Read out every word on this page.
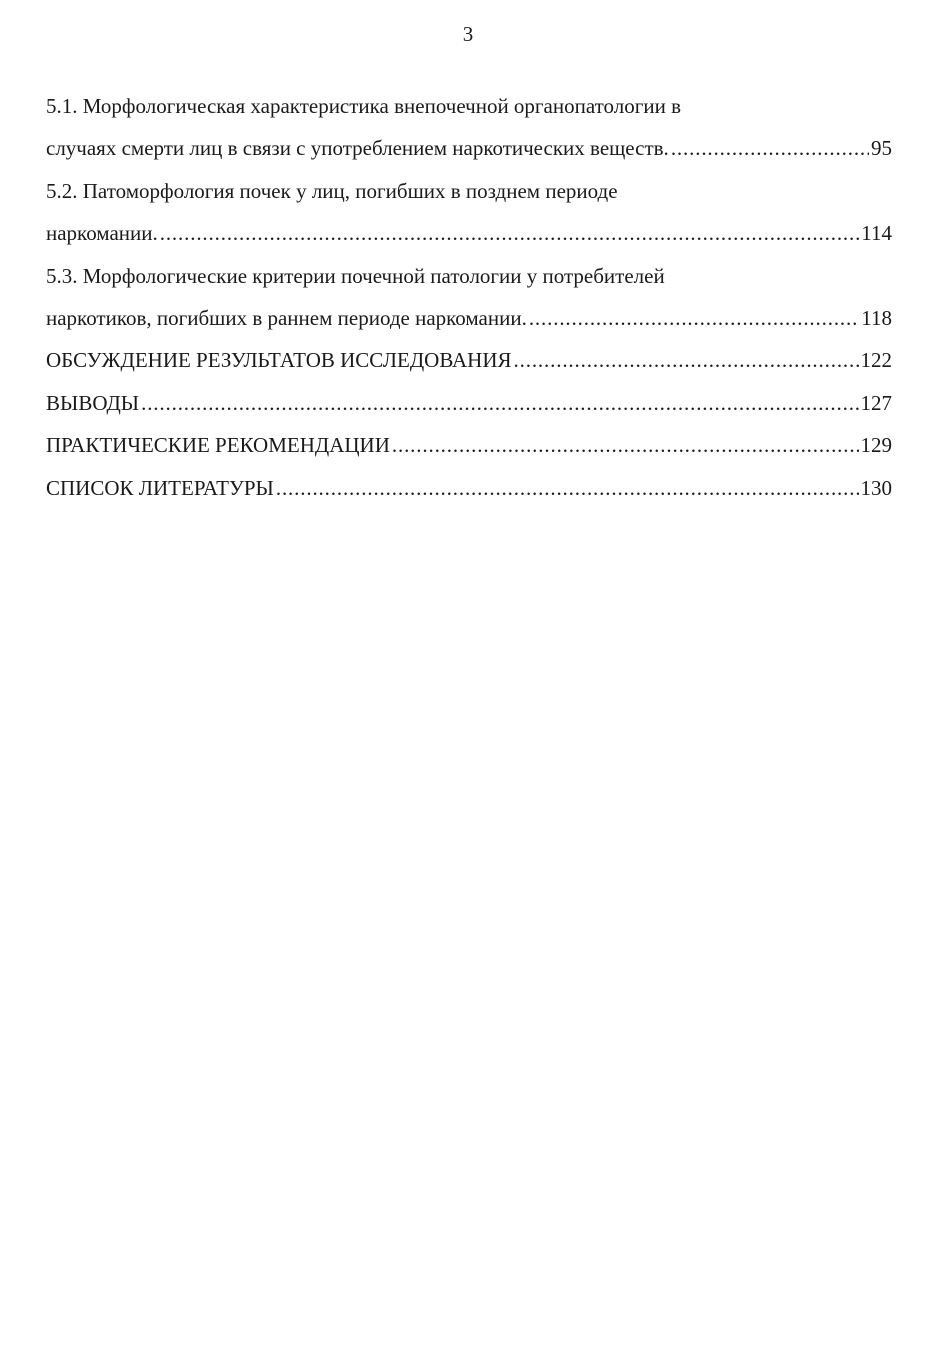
3
5.1. Морфологическая характеристика внепочечной органопатологии в
случаях смерти лиц в связи с употреблением наркотических веществ. . . .	95
5.2. Патоморфология почек у лиц, погибших в позднем периоде
наркомании. . . .	114
5.3. Морфологические критерии почечной патологии у потребителей
наркотиков, погибших в раннем периоде наркомании. . . .	118
ОБСУЖДЕНИЕ РЕЗУЛЬТАТОВ ИССЛЕДОВАНИЯ . . .	122
ВЫВОДЫ . . .	127
ПРАКТИЧЕСКИЕ РЕКОМЕНДАЦИИ . . .	129
СПИСОК ЛИТЕРАТУРЫ . . .	130
